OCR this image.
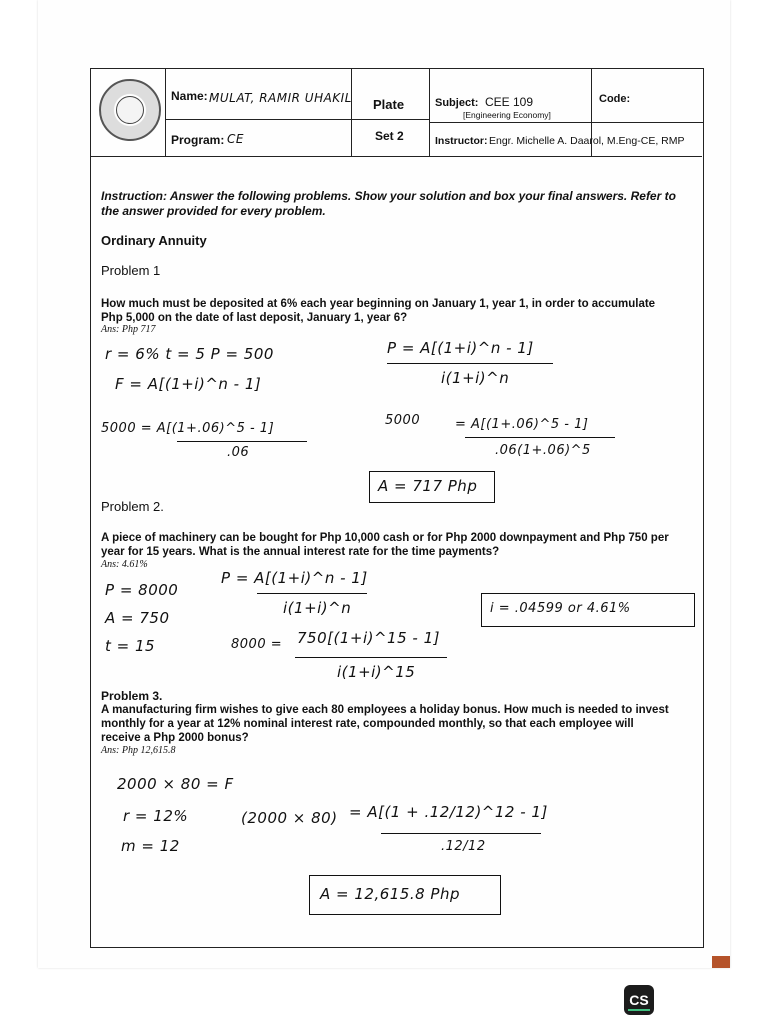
Name: MULAT, RAMIR UHAKIL
Program: CE
Plate
Set 2
Subject: CEE 109
[Engineering Economy]
Code:
Instructor: Engr. Michelle A. Daarol, M.Eng-CE, RMP
Instruction: Answer the following problems. Show your solution and box your final answers. Refer to the answer provided for every problem.
Ordinary Annuity
Problem 1
How much must be deposited at 6% each year beginning on January 1, year 1, in order to accumulate
Php 5,000 on the date of last deposit, January 1, year 6?
Ans: Php 717
r = 6% t = 5 P = 500
F = A[(1+i)^n - 1]
P = A[(1+i)^n - 1]
i(1+i)^n
5000 = A[(1+.06)^5 - 1]
.06
5000	= A[(1+.06)^5 - 1]
.06(1+.06)^5
A = 717 Php
Problem 2.
A piece of machinery can be bought for Php 10,000 cash or for Php 2000 downpayment and Php 750 per
year for 15 years. What is the annual interest rate for the time payments?
Ans: 4.61%
P = 8000
A = 750
t = 15
P = A[(1+i)^n - 1]
i(1+i)^n
8000 = 750[(1+i)^15 - 1]
i(1+i)^15
i = .04599 or 4.61%
Problem 3.
A manufacturing firm wishes to give each 80 employees a holiday bonus. How much is needed to invest
monthly for a year at 12% nominal interest rate, compounded monthly, so that each employee will
receive a Php 2000 bonus?
Ans: Php 12,615.8
2000 × 80 = F
r = 12%
m = 12
(2000 × 80) = A[(1 + .12/12)^12 - 1]
.12/12
A = 12,615.8 Php
CS
